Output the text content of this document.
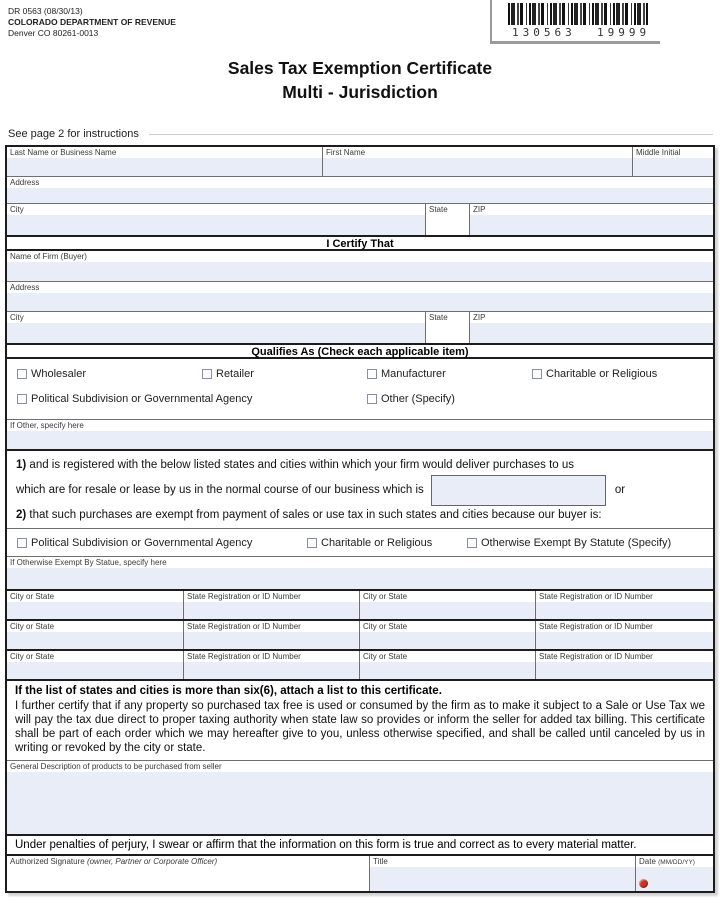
DR 0563 (08/30/13)
COLORADO DEPARTMENT OF REVENUE
Denver CO 80261-0013	130563  19999
Sales Tax Exemption Certificate
Multi - Jurisdiction
See page 2 for instructions
Last Name or Business Name	First Name	Middle Initial
Address
City	State	ZIP
I Certify That
Name of Firm (Buyer)
Address
City	State	ZIP
Qualifies As (Check each applicable item)
Wholesaler	Retailer	Manufacturer	Charitable or Religious
Political Subdivision or Governmental Agency	Other (Specify)
If Other, specify here
1) and is registered with the below listed states and cities within which your firm would deliver purchases to us
which are for resale or lease by us in the normal course of our business which is	or
2) that such purchases are exempt from payment of sales or use tax in such states and cities because our buyer is:
Political Subdivision or Governmental Agency	Charitable or Religious	Otherwise Exempt By Statute (Specify)
If Otherwise Exempt By Statue, specify here
City or State	State Registration or ID Number	City or State	State Registration or ID Number
City or State	State Registration or ID Number	City or State	State Registration or ID Number
City or State	State Registration or ID Number	City or State	State Registration or ID Number
If the list of states and cities is more than six(6), attach a list to this certificate.
I further certify that if any property so purchased tax free is used or consumed by the firm as to make it subject to a Sale or Use Tax we will pay the tax due direct to proper taxing authority when state law so provides or inform the seller for added tax billing. This certificate shall be part of each order which we may hereafter give to you, unless otherwise specified, and shall be called until canceled by us in writing or revoked by the city or state.
General Description of products to be purchased from seller
Under penalties of perjury, I swear or affirm that the information on this form is true and correct as to every material matter.
Authorized Signature (owner, Partner or Corporate Officer)	Title	Date (MM/DD/YY)
